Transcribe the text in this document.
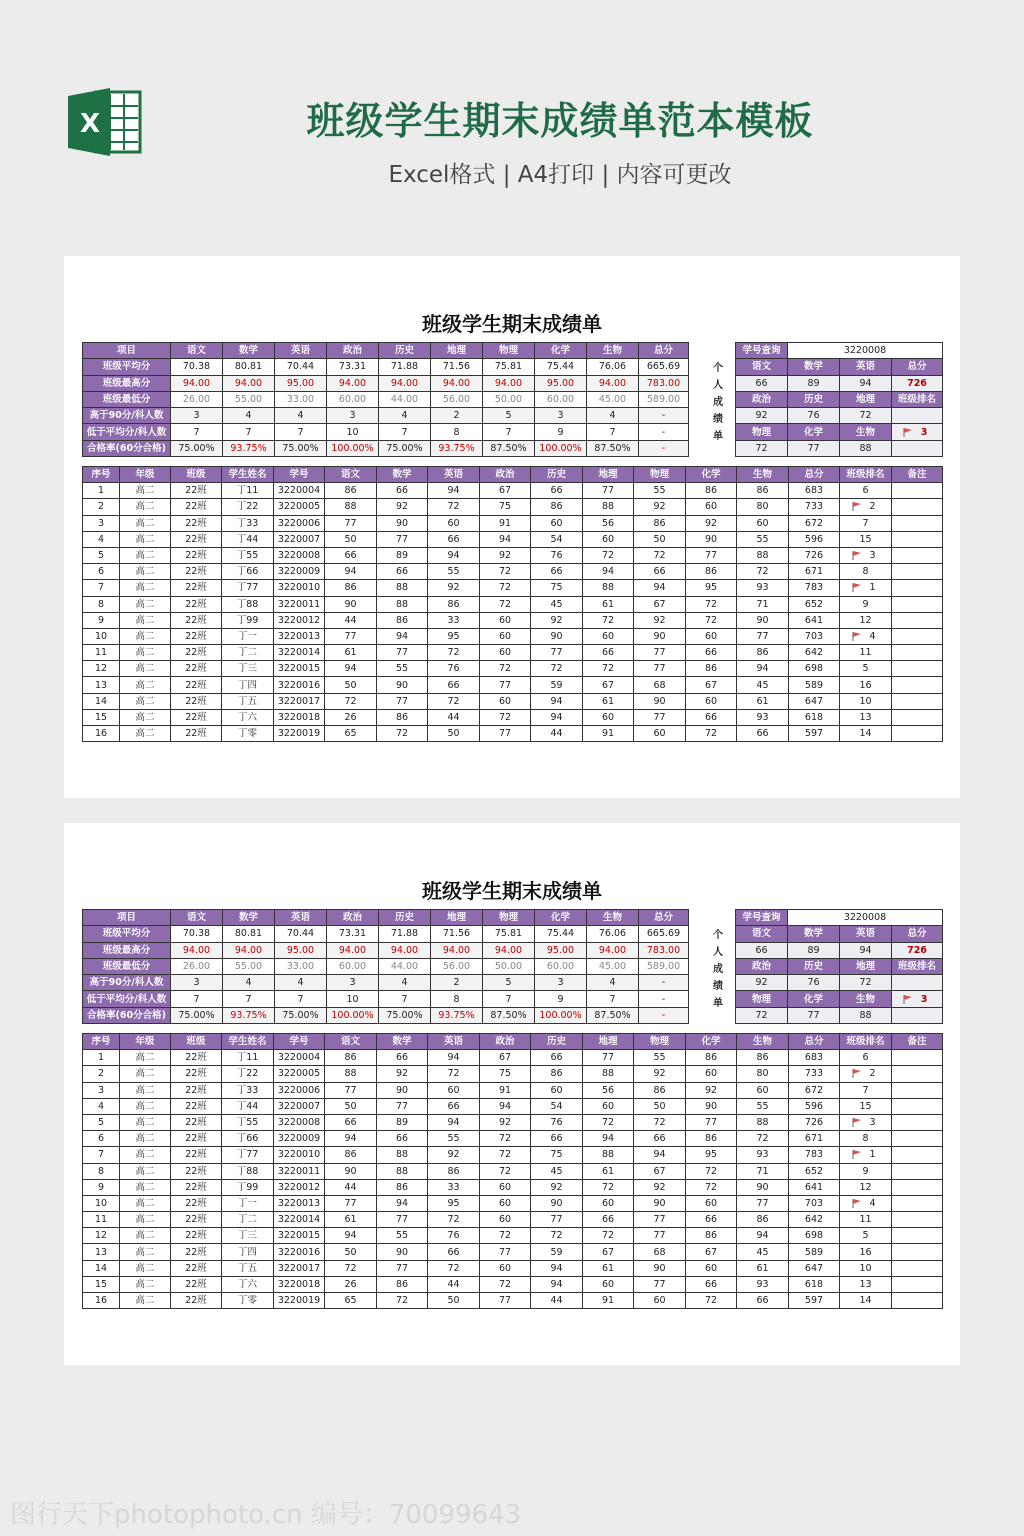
X	班级学生期末成绩单范本模板
Excel格式 | A4打印 | 内容可更改
班级学生期末成绩单
项目	语文	数学	英语	政治	历史	地理	物理	化学	生物	总分
班级平均分	70.38	80.81	70.44	73.31	71.88	71.56	75.81	75.44	76.06	665.69
班级最高分	94.00	94.00	95.00	94.00	94.00	94.00	94.00	95.00	94.00	783.00
班级最低分	26.00	55.00	33.00	60.00	44.00	56.00	50.00	60.00	45.00	589.00
高于90分/科人数	3	4	4	3	4	2	5	3	4	-
低于平均分/科人数	7	7	7	10	7	8	7	9	7	-
合格率(60分合格)	75.00%	93.75%	75.00%	100.00%	75.00%	93.75%	87.50%	100.00%	87.50%	-
个
人
成
绩
单
学号查询	3220008		
语文	数学	英语	总分
66	89	94	726
政治	历史	地理	班级排名
92	76	72	
物理	化学	生物	3
72	77	88	
序号	年级	班级	学生姓名	学号	语文	数学	英语	政治	历史	地理	物理	化学	生物	总分	班级排名	备注
1	高二	22班	丁11	3220004	86	66	94	67	66	77	55	86	86	683	6	
2	高二	22班	丁22	3220005	88	92	72	75	86	88	92	60	80	733	2	
3	高二	22班	丁33	3220006	77	90	60	91	60	56	86	92	60	672	7	
4	高二	22班	丁44	3220007	50	77	66	94	54	60	50	90	55	596	15	
5	高二	22班	丁55	3220008	66	89	94	92	76	72	72	77	88	726	3	
6	高二	22班	丁66	3220009	94	66	55	72	66	94	66	86	72	671	8	
7	高二	22班	丁77	3220010	86	88	92	72	75	88	94	95	93	783	1	
8	高二	22班	丁88	3220011	90	88	86	72	45	61	67	72	71	652	9	
9	高二	22班	丁99	3220012	44	86	33	60	92	72	92	72	90	641	12	
10	高二	22班	丁一	3220013	77	94	95	60	90	60	90	60	77	703	4	
11	高二	22班	丁二	3220014	61	77	72	60	77	66	77	66	86	642	11	
12	高二	22班	丁三	3220015	94	55	76	72	72	72	77	86	94	698	5	
13	高二	22班	丁四	3220016	50	90	66	77	59	67	68	67	45	589	16	
14	高二	22班	丁五	3220017	72	77	72	60	94	61	90	60	61	647	10	
15	高二	22班	丁六	3220018	26	86	44	72	94	60	77	66	93	618	13	
16	高二	22班	丁零	3220019	65	72	50	77	44	91	60	72	66	597	14	
班级学生期末成绩单
项目	语文	数学	英语	政治	历史	地理	物理	化学	生物	总分
班级平均分	70.38	80.81	70.44	73.31	71.88	71.56	75.81	75.44	76.06	665.69
班级最高分	94.00	94.00	95.00	94.00	94.00	94.00	94.00	95.00	94.00	783.00
班级最低分	26.00	55.00	33.00	60.00	44.00	56.00	50.00	60.00	45.00	589.00
高于90分/科人数	3	4	4	3	4	2	5	3	4	-
低于平均分/科人数	7	7	7	10	7	8	7	9	7	-
合格率(60分合格)	75.00%	93.75%	75.00%	100.00%	75.00%	93.75%	87.50%	100.00%	87.50%	-
个
人
成
绩
单
学号查询	3220008		
语文	数学	英语	总分
66	89	94	726
政治	历史	地理	班级排名
92	76	72	
物理	化学	生物	3
72	77	88	
序号	年级	班级	学生姓名	学号	语文	数学	英语	政治	历史	地理	物理	化学	生物	总分	班级排名	备注
1	高二	22班	丁11	3220004	86	66	94	67	66	77	55	86	86	683	6	
2	高二	22班	丁22	3220005	88	92	72	75	86	88	92	60	80	733	2	
3	高二	22班	丁33	3220006	77	90	60	91	60	56	86	92	60	672	7	
4	高二	22班	丁44	3220007	50	77	66	94	54	60	50	90	55	596	15	
5	高二	22班	丁55	3220008	66	89	94	92	76	72	72	77	88	726	3	
6	高二	22班	丁66	3220009	94	66	55	72	66	94	66	86	72	671	8	
7	高二	22班	丁77	3220010	86	88	92	72	75	88	94	95	93	783	1	
8	高二	22班	丁88	3220011	90	88	86	72	45	61	67	72	71	652	9	
9	高二	22班	丁99	3220012	44	86	33	60	92	72	92	72	90	641	12	
10	高二	22班	丁一	3220013	77	94	95	60	90	60	90	60	77	703	4	
11	高二	22班	丁二	3220014	61	77	72	60	77	66	77	66	86	642	11	
12	高二	22班	丁三	3220015	94	55	76	72	72	72	77	86	94	698	5	
13	高二	22班	丁四	3220016	50	90	66	77	59	67	68	67	45	589	16	
14	高二	22班	丁五	3220017	72	77	72	60	94	61	90	60	61	647	10	
15	高二	22班	丁六	3220018	26	86	44	72	94	60	77	66	93	618	13	
16	高二	22班	丁零	3220019	65	72	50	77	44	91	60	72	66	597	14	
图行天下photophoto.cn 编号：70099643
